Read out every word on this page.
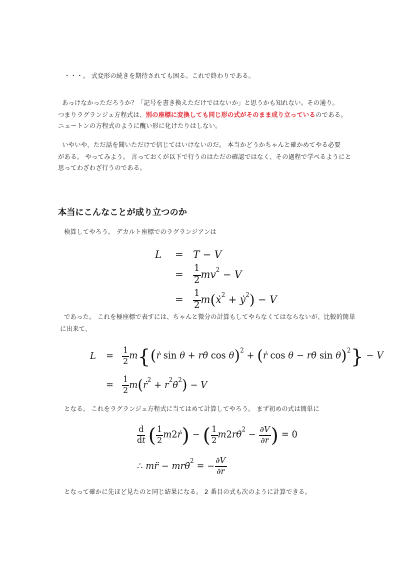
・・・。 式変形の続きを期待されても困る。これで終わりである。
あっけなかっただろうか？「記号を書き換えただけではないか」と思うかも知れない。その通り。
つまりラグランジュ方程式は、別の座標に変換しても同じ形の式がそのまま成り立っているのである。
ニュートンの方程式のように醜い形に化けたりはしない。
いやいや、ただ話を聞いただけで信じてはいけないのだ。 本当かどうかちゃんと確かめてやる必要
がある。 やってみよう。 言っておくが以下で行うのはただの確認ではなく、その過程で学べるようにと
思ってわざわざ行うのである。
本当にこんなことが成り立つのか
検算してやろう。 デカルト座標でのラグランジアンは
L = T − V
= $\frac{1}{2} mv^2 - V$
= $\frac{1}{2}$ m(ẋ$^2$ + ẏ$^2$) − V
であった。 これを極座標で表すには、ちゃんと微分の計算もしてやらなくてはならないが、比較的簡単
に出来て、
$L = \frac{1}{2}$ m{(ṙ sin θ + rθ̇ cos θ)$^2$ + (ṙ cos θ − rθ̇ sin θ)$^2$} − V
= $\frac{1}{2}$ m(ṙ$^2$ + $r^2\thetȧ^2) - V$
となる。 これをラグランジュ方程式に当てはめて計算してやろう。 まず初めの式は簡単に
$\frac{d}{dt}$ ( $\frac{1}{2}$ m2ṙ) − ( $\frac{1}{2}$ m2rθ̇$^2$ − $\frac{\partial V}{\partial r}$ ) = 0
∴ mr̈ − mrθ̇$^2$ = − $\frac{\partial V}{\partial r}$
となって確かに先ほど見たのと同じ結果になる。 2 番目の式も次のように計算できる。
